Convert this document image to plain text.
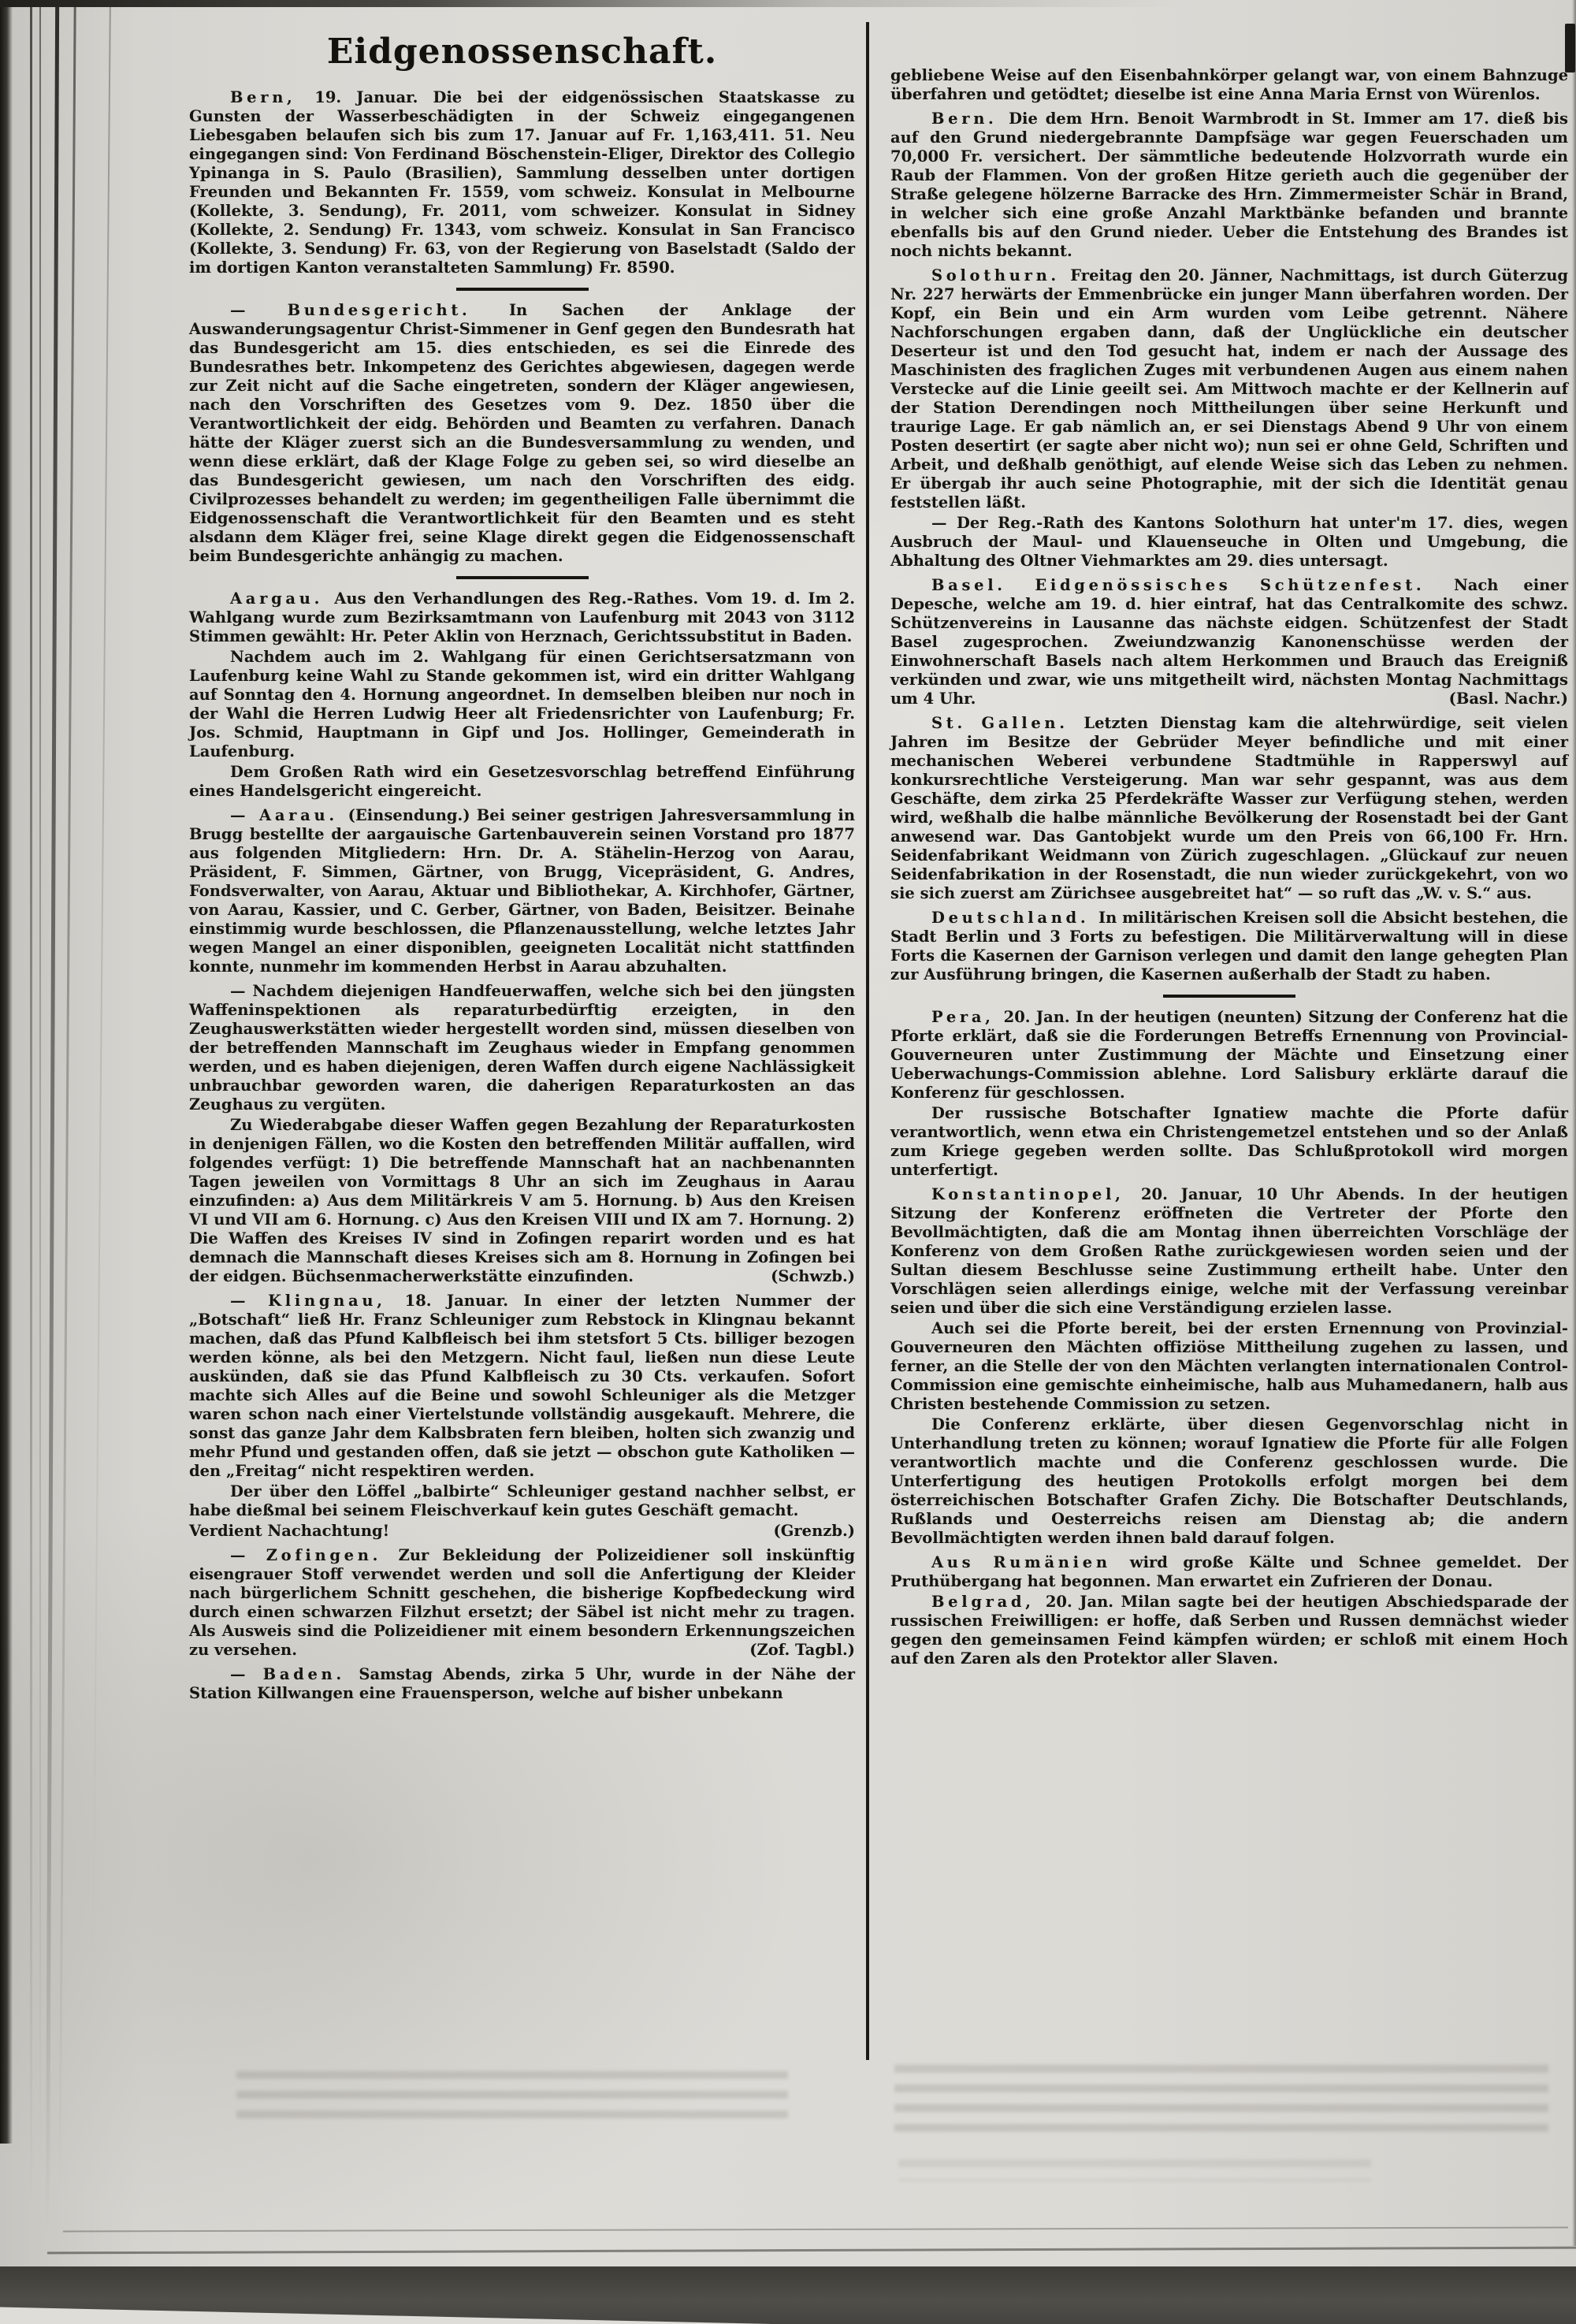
Eidgenossenschaft.

Bern, 19. Januar. Die bei der eidgenössischen Staatskasse zu Gunsten der Wasserbeschädigten in der Schweiz eingegangenen Liebesgaben belaufen sich bis zum 17. Januar auf Fr. 1,163,411. 51. Neu eingegangen sind: Von Ferdinand Böschenstein-Eliger, Direktor des Collegio Ypinanga in S. Paulo (Brasilien), Sammlung desselben unter dortigen Freunden und Bekannten Fr. 1559, vom schweiz. Konsulat in Melbourne (Kollekte, 3. Sendung), Fr. 2011, vom schweizer. Konsulat in Sidney (Kollekte, 2. Sendung) Fr. 1343, vom schweiz. Konsulat in San Francisco (Kollekte, 3. Sendung) Fr. 63, von der Regierung von Baselstadt (Saldo der im dortigen Kanton veranstalteten Sammlung) Fr. 8590.

— Bundesgericht. In Sachen der Anklage der Auswanderungsagentur Christ-Simmener in Genf gegen den Bundesrath hat das Bundesgericht am 15. dies entschieden, es sei die Einrede des Bundesrathes betr. Inkompetenz des Gerichtes abgewiesen, dagegen werde zur Zeit nicht auf die Sache eingetreten, sondern der Kläger angewiesen, nach den Vorschriften des Gesetzes vom 9. Dez. 1850 über die Verantwortlichkeit der eidg. Behörden und Beamten zu verfahren. Danach hätte der Kläger zuerst sich an die Bundesversammlung zu wenden, und wenn diese erklärt, daß der Klage Folge zu geben sei, so wird dieselbe an das Bundesgericht gewiesen, um nach den Vorschriften des eidg. Civilprozesses behandelt zu werden; im gegentheiligen Falle übernimmt die Eidgenossenschaft die Verantwortlichkeit für den Beamten und es steht alsdann dem Kläger frei, seine Klage direkt gegen die Eidgenossenschaft beim Bundesgerichte anhängig zu machen.

Aargau. Aus den Verhandlungen des Reg.-Rathes. Vom 19. d. Im 2. Wahlgang wurde zum Bezirksamtmann von Laufenburg mit 2043 von 3112 Stimmen gewählt: Hr. Peter Aklin von Herznach, Gerichtssubstitut in Baden.

Nachdem auch im 2. Wahlgang für einen Gerichtsersatzmann von Laufenburg keine Wahl zu Stande gekommen ist, wird ein dritter Wahlgang auf Sonntag den 4. Hornung angeordnet. In demselben bleiben nur noch in der Wahl die Herren Ludwig Heer alt Friedensrichter von Laufenburg; Fr. Jos. Schmid, Hauptmann in Gipf und Jos. Hollinger, Gemeinderath in Laufenburg.

Dem Großen Rath wird ein Gesetzesvorschlag betreffend Einführung eines Handelsgericht eingereicht.

— Aarau. (Einsendung.) Bei seiner gestrigen Jahresversammlung in Brugg bestellte der aargauische Gartenbauverein seinen Vorstand pro 1877 aus folgenden Mitgliedern: Hrn. Dr. A. Stähelin-Herzog von Aarau, Präsident, F. Simmen, Gärtner, von Brugg, Vicepräsident, G. Andres, Fondsverwalter, von Aarau, Aktuar und Bibliothekar, A. Kirchhofer, Gärtner, von Aarau, Kassier, und C. Gerber, Gärtner, von Baden, Beisitzer. Beinahe einstimmig wurde beschlossen, die Pflanzenausstellung, welche letztes Jahr wegen Mangel an einer disponiblen, geeigneten Localität nicht stattfinden konnte, nunmehr im kommenden Herbst in Aarau abzuhalten.

— Nachdem diejenigen Handfeuerwaffen, welche sich bei den jüngsten Waffeninspektionen als reparaturbedürftig erzeigten, in den Zeughauswerkstätten wieder hergestellt worden sind, müssen dieselben von der betreffenden Mannschaft im Zeughaus wieder in Empfang genommen werden, und es haben diejenigen, deren Waffen durch eigene Nachlässigkeit unbrauchbar geworden waren, die daherigen Reparaturkosten an das Zeughaus zu vergüten.

Zu Wiederabgabe dieser Waffen gegen Bezahlung der Reparaturkosten in denjenigen Fällen, wo die Kosten den betreffenden Militär auffallen, wird folgendes verfügt: 1) Die betreffende Mannschaft hat an nachbenannten Tagen jeweilen von Vormittags 8 Uhr an sich im Zeughaus in Aarau einzufinden: a) Aus dem Militärkreis V am 5. Hornung. b) Aus den Kreisen VI und VII am 6. Hornung. c) Aus den Kreisen VIII und IX am 7. Hornung. 2) Die Waffen des Kreises IV sind in Zofingen reparirt worden und es hat demnach die Mannschaft dieses Kreises sich am 8. Hornung in Zofingen bei der eidgen. Büchsenmacherwerkstätte einzufinden.	(Schwzb.)

— Klingnau, 18. Januar. In einer der letzten Nummer der „Botschaft“ ließ Hr. Franz Schleuniger zum Rebstock in Klingnau bekannt machen, daß das Pfund Kalbfleisch bei ihm stetsfort 5 Cts. billiger bezogen werden könne, als bei den Metzgern. Nicht faul, ließen nun diese Leute auskünden, daß sie das Pfund Kalbfleisch zu 30 Cts. verkaufen. Sofort machte sich Alles auf die Beine und sowohl Schleuniger als die Metzger waren schon nach einer Viertelstunde vollständig ausgekauft. Mehrere, die sonst das ganze Jahr dem Kalbsbraten fern bleiben, holten sich zwanzig und mehr Pfund und gestanden offen, daß sie jetzt — obschon gute Katholiken — den „Freitag“ nicht respektiren werden.

Der über den Löffel „balbirte“ Schleuniger gestand nachher selbst, er habe dießmal bei seinem Fleischverkauf kein gutes Geschäft gemacht.

Verdient Nachachtung!	(Grenzb.)

— Zofingen. Zur Bekleidung der Polizeidiener soll inskünftig eisengrauer Stoff verwendet werden und soll die Anfertigung der Kleider nach bürgerlichem Schnitt geschehen, die bisherige Kopfbedeckung wird durch einen schwarzen Filzhut ersetzt; der Säbel ist nicht mehr zu tragen. Als Ausweis sind die Polizeidiener mit einem besondern Erkennungszeichen zu versehen.	(Zof. Tagbl.)

— Baden. Samstag Abends, zirka 5 Uhr, wurde in der Nähe der Station Killwangen eine Frauensperson, welche auf bisher unbekann

gebliebene Weise auf den Eisenbahnkörper gelangt war, von einem Bahnzuge überfahren und getödtet; dieselbe ist eine Anna Maria Ernst von Würenlos.

Bern. Die dem Hrn. Benoit Warmbrodt in St. Immer am 17. dieß bis auf den Grund niedergebrannte Dampfsäge war gegen Feuerschaden um 70,000 Fr. versichert. Der sämmtliche bedeutende Holzvorrath wurde ein Raub der Flammen. Von der großen Hitze gerieth auch die gegenüber der Straße gelegene hölzerne Barracke des Hrn. Zimmermeister Schär in Brand, in welcher sich eine große Anzahl Marktbänke befanden und brannte ebenfalls bis auf den Grund nieder. Ueber die Entstehung des Brandes ist noch nichts bekannt.

Solothurn. Freitag den 20. Jänner, Nachmittags, ist durch Güterzug Nr. 227 herwärts der Emmenbrücke ein junger Mann überfahren worden. Der Kopf, ein Bein und ein Arm wurden vom Leibe getrennt. Nähere Nachforschungen ergaben dann, daß der Unglückliche ein deutscher Deserteur ist und den Tod gesucht hat, indem er nach der Aussage des Maschinisten des fraglichen Zuges mit verbundenen Augen aus einem nahen Verstecke auf die Linie geeilt sei. Am Mittwoch machte er der Kellnerin auf der Station Derendingen noch Mittheilungen über seine Herkunft und traurige Lage. Er gab nämlich an, er sei Dienstags Abend 9 Uhr von einem Posten desertirt (er sagte aber nicht wo); nun sei er ohne Geld, Schriften und Arbeit, und deßhalb genöthigt, auf elende Weise sich das Leben zu nehmen. Er übergab ihr auch seine Photographie, mit der sich die Identität genau feststellen läßt.

— Der Reg.-Rath des Kantons Solothurn hat unter'm 17. dies, wegen Ausbruch der Maul- und Klauenseuche in Olten und Umgebung, die Abhaltung des Oltner Viehmarktes am 29. dies untersagt.

Basel. Eidgenössisches Schützenfest. Nach einer Depesche, welche am 19. d. hier eintraf, hat das Centralkomite des schwz. Schützenvereins in Lausanne das nächste eidgen. Schützenfest der Stadt Basel zugesprochen. Zweiundzwanzig Kanonenschüsse werden der Einwohnerschaft Basels nach altem Herkommen und Brauch das Ereigniß verkünden und zwar, wie uns mitgetheilt wird, nächsten Montag Nachmittags um 4 Uhr.	(Basl. Nachr.)

St. Gallen. Letzten Dienstag kam die altehrwürdige, seit vielen Jahren im Besitze der Gebrüder Meyer befindliche und mit einer mechanischen Weberei verbundene Stadtmühle in Rapperswyl auf konkursrechtliche Versteigerung. Man war sehr gespannt, was aus dem Geschäfte, dem zirka 25 Pferdekräfte Wasser zur Verfügung stehen, werden wird, weßhalb die halbe männliche Bevölkerung der Rosenstadt bei der Gant anwesend war. Das Gantobjekt wurde um den Preis von 66,100 Fr. Hrn. Seidenfabrikant Weidmann von Zürich zugeschlagen. „Glückauf zur neuen Seidenfabrikation in der Rosenstadt, die nun wieder zurückgekehrt, von wo sie sich zuerst am Zürichsee ausgebreitet hat“ — so ruft das „W. v. S.“ aus.

Deutschland. In militärischen Kreisen soll die Absicht bestehen, die Stadt Berlin und 3 Forts zu befestigen. Die Militärverwaltung will in diese Forts die Kasernen der Garnison verlegen und damit den lange gehegten Plan zur Ausführung bringen, die Kasernen außerhalb der Stadt zu haben.

Pera, 20. Jan. In der heutigen (neunten) Sitzung der Conferenz hat die Pforte erklärt, daß sie die Forderungen Betreffs Ernennung von Provincial-Gouverneuren unter Zustimmung der Mächte und Einsetzung einer Ueberwachungs-Commission ablehne. Lord Salisbury erklärte darauf die Konferenz für geschlossen.

Der russische Botschafter Ignatiew machte die Pforte dafür verantwortlich, wenn etwa ein Christengemetzel entstehen und so der Anlaß zum Kriege gegeben werden sollte. Das Schlußprotokoll wird morgen unterfertigt.

Konstantinopel, 20. Januar, 10 Uhr Abends. In der heutigen Sitzung der Konferenz eröffneten die Vertreter der Pforte den Bevollmächtigten, daß die am Montag ihnen überreichten Vorschläge der Konferenz von dem Großen Rathe zurückgewiesen worden seien und der Sultan diesem Beschlusse seine Zustimmung ertheilt habe. Unter den Vorschlägen seien allerdings einige, welche mit der Verfassung vereinbar seien und über die sich eine Verständigung erzielen lasse.

Auch sei die Pforte bereit, bei der ersten Ernennung von Provinzial-Gouverneuren den Mächten offiziöse Mittheilung zugehen zu lassen, und ferner, an die Stelle der von den Mächten verlangten internationalen Control-Commission eine gemischte einheimische, halb aus Muhamedanern, halb aus Christen bestehende Commission zu setzen.

Die Conferenz erklärte, über diesen Gegenvorschlag nicht in Unterhandlung treten zu können; worauf Ignatiew die Pforte für alle Folgen verantwortlich machte und die Conferenz geschlossen wurde. Die Unterfertigung des heutigen Protokolls erfolgt morgen bei dem österreichischen Botschafter Grafen Zichy. Die Botschafter Deutschlands, Rußlands und Oesterreichs reisen am Dienstag ab; die andern Bevollmächtigten werden ihnen bald darauf folgen.

Aus Rumänien wird große Kälte und Schnee gemeldet. Der Pruthübergang hat begonnen. Man erwartet ein Zufrieren der Donau.

Belgrad, 20. Jan. Milan sagte bei der heutigen Abschiedsparade der russischen Freiwilligen: er hoffe, daß Serben und Russen demnächst wieder gegen den gemeinsamen Feind kämpfen würden; er schloß mit einem Hoch auf den Zaren als den Protektor aller Slaven.
